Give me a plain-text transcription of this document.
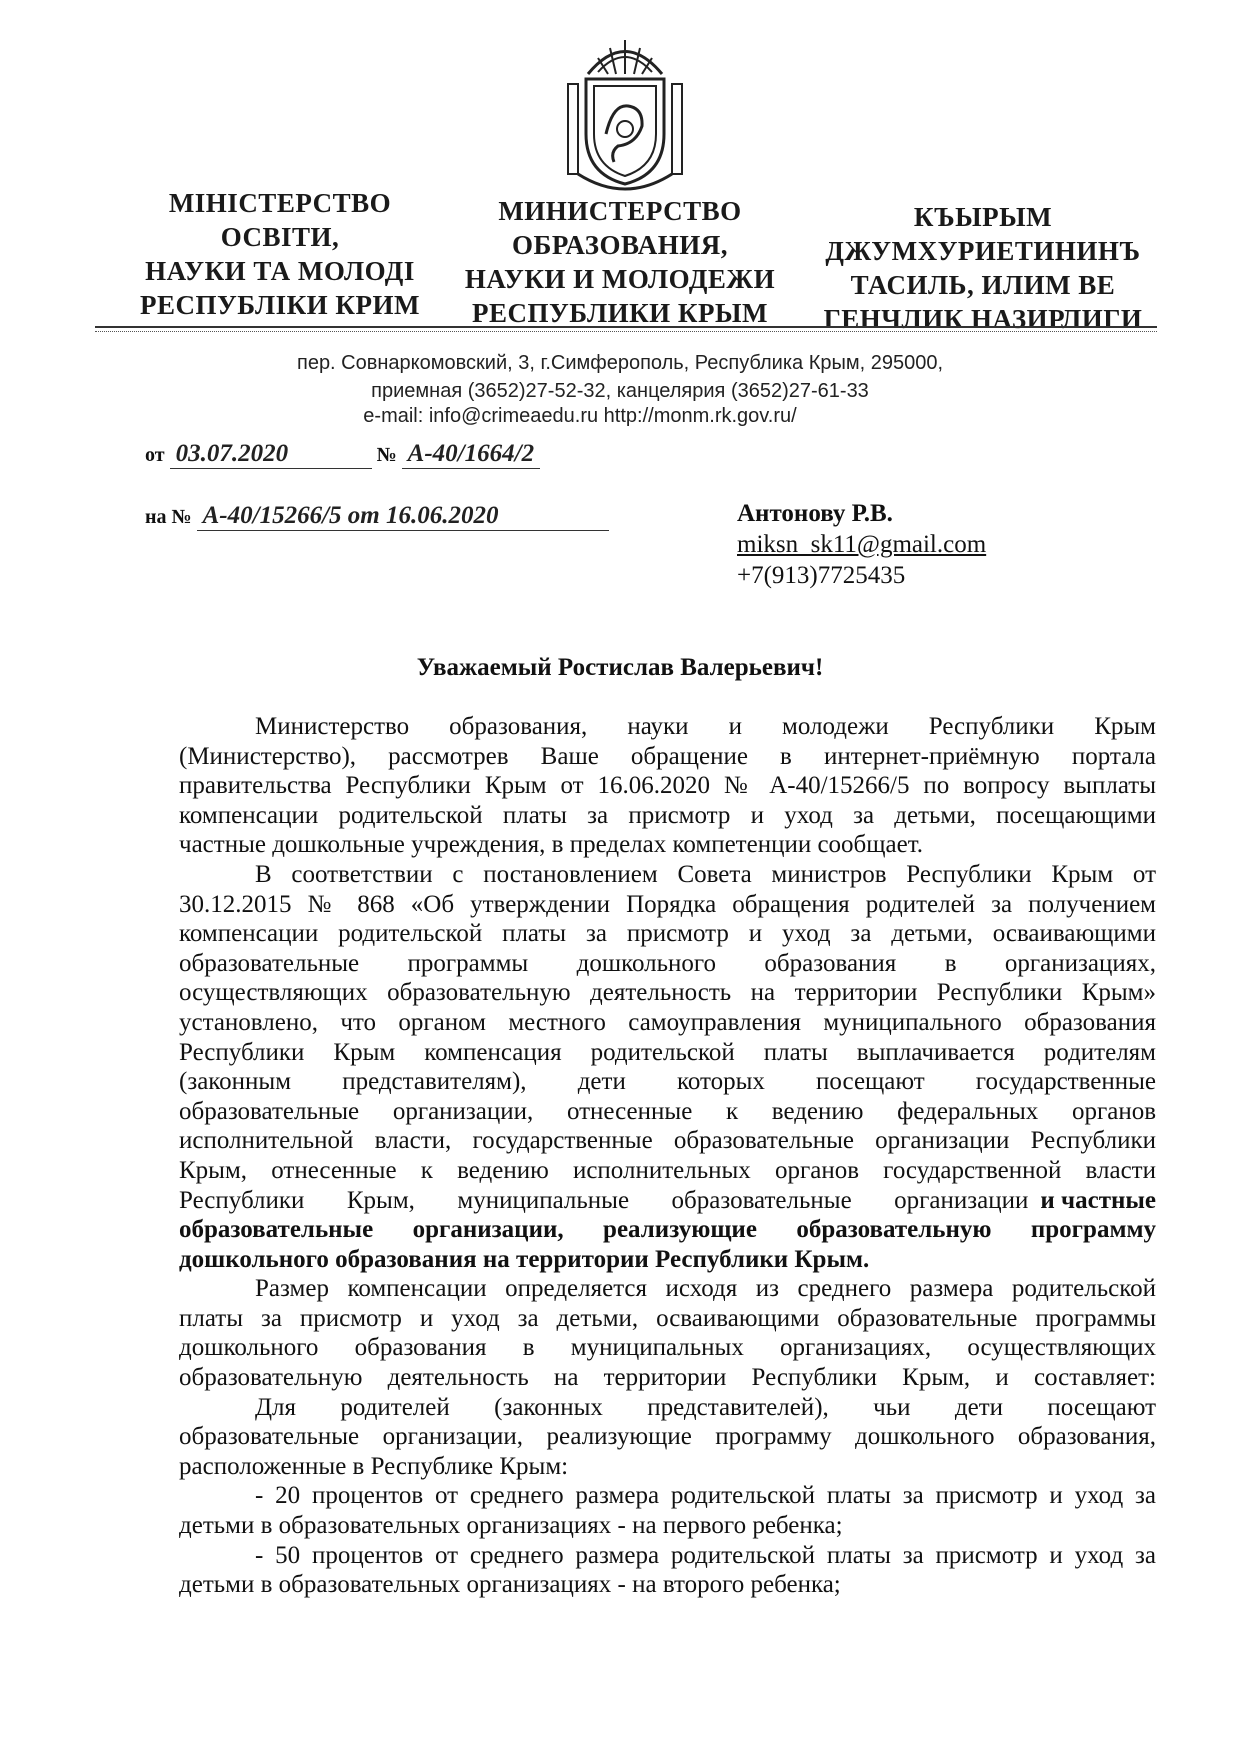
МІНІСТЕРСТВО
ОСВІТИ,
НАУКИ ТА МОЛОДІ
РЕСПУБЛІКИ КРИМ
МИНИСТЕРСТВО
ОБРАЗОВАНИЯ,
НАУКИ И МОЛОДЕЖИ
РЕСПУБЛИКИ КРЫМ
КЪЫРЫМ
ДЖУМХУРИЕТИНИНЪ
ТАСИЛЬ, ИЛИМ ВЕ
ГЕНЧЛИК НАЗИРЛИГИ
пер. Совнаркомовский, 3, г.Симферополь, Республика Крым, 295000,
приемная (3652)27-52-32, канцелярия (3652)27-61-33
e-mail: info@crimeaedu.ru http://monm.rk.gov.ru/
от 03.07.2020	№ А-40/1664/2
на № А-40/15266/5 от 16.06.2020	Антонову Р.В.
miksn_sk11@gmail.com
+7(913)7725435
Уважаемый Ростислав Валерьевич!
Министерство образования, науки и молодежи Республики Крым
(Министерство), рассмотрев Ваше обращение в интернет-приёмную портала
правительства Республики Крым от 16.06.2020 № А-40/15266/5 по вопросу выплаты
компенсации родительской платы за присмотр и уход за детьми, посещающими
частные дошкольные учреждения, в пределах компетенции сообщает.
В соответствии с постановлением Совета министров Республики Крым от
30.12.2015 № 868 «Об утверждении Порядка обращения родителей за получением
компенсации родительской платы за присмотр и уход за детьми, осваивающими
образовательные программы дошкольного образования в организациях,
осуществляющих образовательную деятельность на территории Республики Крым»
установлено, что органом местного самоуправления муниципального образования
Республики Крым компенсация родительской платы выплачивается родителям
(законным представителям), дети которых посещают государственные
образовательные организации, отнесенные к ведению федеральных органов
исполнительной власти, государственные образовательные организации Республики
Крым, отнесенные к ведению исполнительных органов государственной власти
Республики Крым, муниципальные образовательные организации и частные
образовательные организации, реализующие образовательную программу
дошкольного образования на территории Республики Крым.
Размер компенсации определяется исходя из среднего размера родительской
платы за присмотр и уход за детьми, осваивающими образовательные программы
дошкольного образования в муниципальных организациях, осуществляющих
образовательную деятельность на территории Республики Крым, и составляет:
Для родителей (законных представителей), чьи дети посещают
образовательные организации, реализующие программу дошкольного образования,
расположенные в Республике Крым:
- 20 процентов от среднего размера родительской платы за присмотр и уход за
детьми в образовательных организациях - на первого ребенка;
- 50 процентов от среднего размера родительской платы за присмотр и уход за
детьми в образовательных организациях - на второго ребенка;
